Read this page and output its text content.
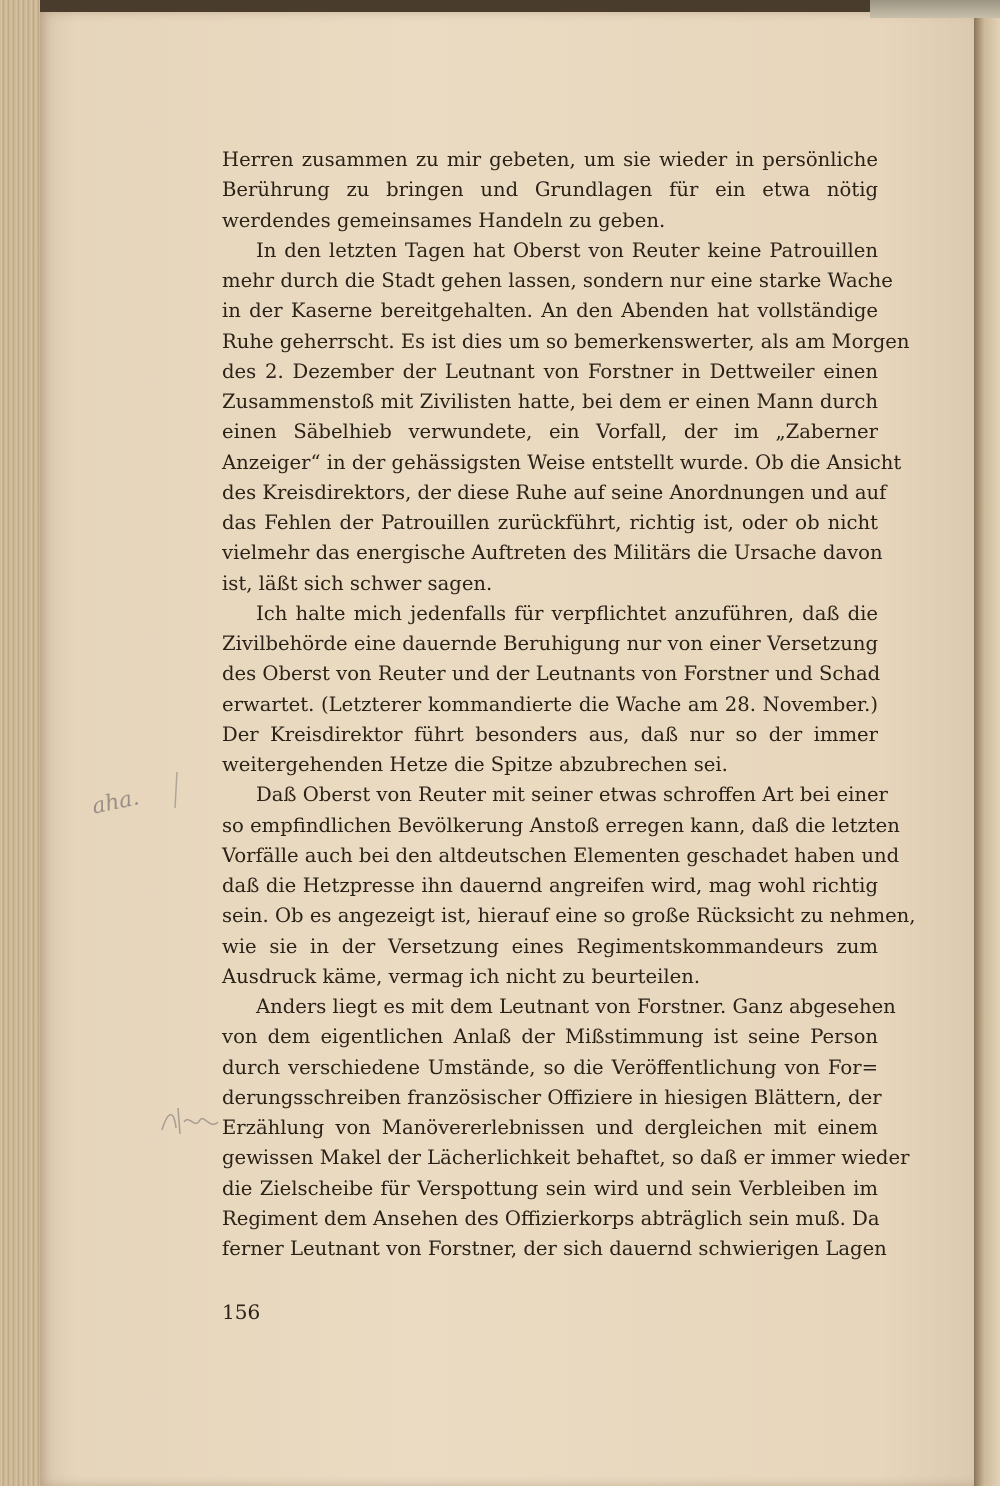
Herren zusammen zu mir gebeten, um sie wieder in persönliche
Berührung zu bringen und Grundlagen für ein etwa nötig
werdendes gemeinsames Handeln zu geben.
In den letzten Tagen hat Oberst von Reuter keine Patrouillen
mehr durch die Stadt gehen lassen, sondern nur eine starke Wache
in der Kaserne bereitgehalten. An den Abenden hat vollständige
Ruhe geherrscht. Es ist dies um so bemerkenswerter, als am Morgen
des 2. Dezember der Leutnant von Forstner in Dettweiler einen
Zusammenstoß mit Zivilisten hatte, bei dem er einen Mann durch
einen Säbelhieb verwundete, ein Vorfall, der im „Zaberner
Anzeiger“ in der gehässigsten Weise entstellt wurde. Ob die Ansicht
des Kreisdirektors, der diese Ruhe auf seine Anordnungen und auf
das Fehlen der Patrouillen zurückführt, richtig ist, oder ob nicht
vielmehr das energische Auftreten des Militärs die Ursache davon
ist, läßt sich schwer sagen.
Ich halte mich jedenfalls für verpflichtet anzuführen, daß die
Zivilbehörde eine dauernde Beruhigung nur von einer Versetzung
des Oberst von Reuter und der Leutnants von Forstner und Schad
erwartet. (Letzterer kommandierte die Wache am 28. November.)
Der Kreisdirektor führt besonders aus, daß nur so der immer
weitergehenden Hetze die Spitze abzubrechen sei.
Daß Oberst von Reuter mit seiner etwas schroffen Art bei einer
so empfindlichen Bevölkerung Anstoß erregen kann, daß die letzten
Vorfälle auch bei den altdeutschen Elementen geschadet haben und
daß die Hetzpresse ihn dauernd angreifen wird, mag wohl richtig
sein. Ob es angezeigt ist, hierauf eine so große Rücksicht zu nehmen,
wie sie in der Versetzung eines Regimentskommandeurs zum
Ausdruck käme, vermag ich nicht zu beurteilen.
Anders liegt es mit dem Leutnant von Forstner. Ganz abgesehen
von dem eigentlichen Anlaß der Mißstimmung ist seine Person
durch verschiedene Umstände, so die Veröffentlichung von For=
derungsschreiben französischer Offiziere in hiesigen Blättern, der
Erzählung von Manövererlebnissen und dergleichen mit einem
gewissen Makel der Lächerlichkeit behaftet, so daß er immer wieder
die Zielscheibe für Verspottung sein wird und sein Verbleiben im
Regiment dem Ansehen des Offizierkorps abträglich sein muß. Da
ferner Leutnant von Forstner, der sich dauernd schwierigen Lagen
156
aha.
